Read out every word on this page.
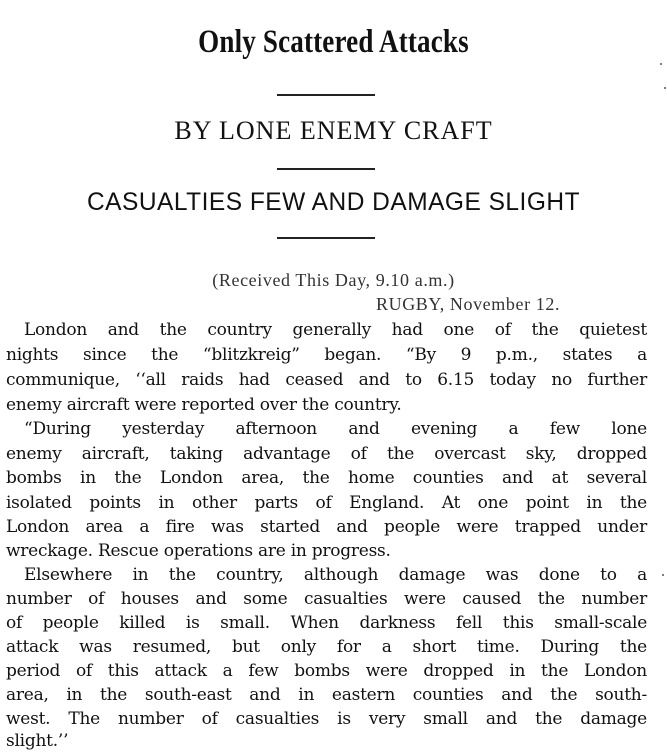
Only Scattered Attacks
BY LONE ENEMY CRAFT
CASUALTIES FEW AND DAMAGE SLIGHT
(Received This Day, 9.10 a.m.)
RUGBY, November 12.
London and the country generally had one of the quietest
nights since the “blitzkreig” began. “By 9 p.m., states a
communique, ‘‘all raids had ceased and to 6.15 today no further
enemy aircraft were reported over the country.
“During yesterday afternoon and evening a few lone
enemy aircraft, taking advantage of the overcast sky, dropped
bombs in the London area, the home counties and at several
isolated points in other parts of England. At one point in the
London area a fire was started and people were trapped under
wreckage. Rescue operations are in progress.
Elsewhere in the country, although damage was done to a
number of houses and some casualties were caused the number
of people killed is small. When darkness fell this small-scale
attack was resumed, but only for a short time. During the
period of this attack a few bombs were dropped in the London
area, in the south-east and in eastern counties and the south-
west. The number of casualties is very small and the damage
slight.’’
